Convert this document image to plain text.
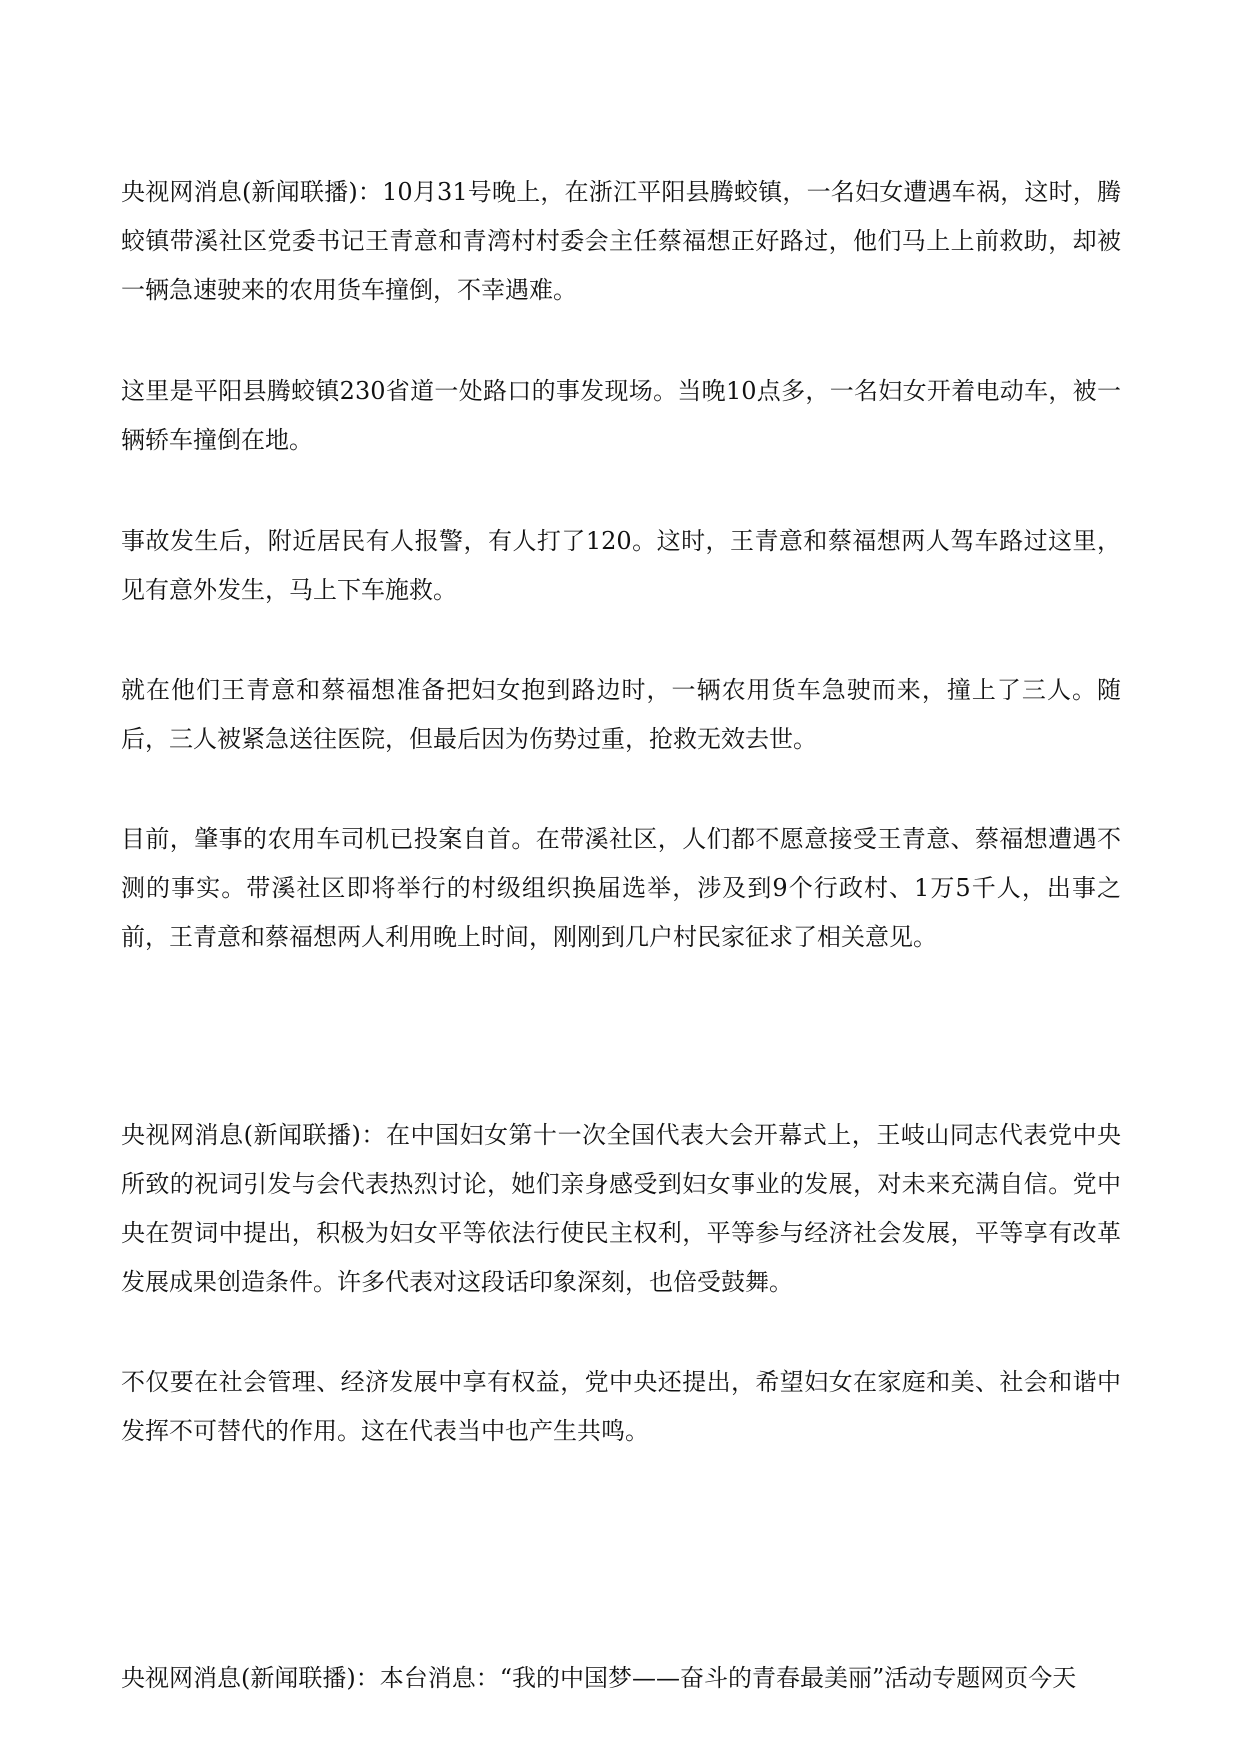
央视网消息(新闻联播)：10月31号晚上，在浙江平阳县腾蛟镇，一名妇女遭遇车祸，这时，腾蛟镇带溪社区党委书记王青意和青湾村村委会主任蔡福想正好路过，他们马上上前救助，却被一辆急速驶来的农用货车撞倒，不幸遇难。

这里是平阳县腾蛟镇230省道一处路口的事发现场。当晚10点多，一名妇女开着电动车，被一辆轿车撞倒在地。

事故发生后，附近居民有人报警，有人打了120。这时，王青意和蔡福想两人驾车路过这里，见有意外发生，马上下车施救。

就在他们王青意和蔡福想准备把妇女抱到路边时，一辆农用货车急驶而来，撞上了三人。随后，三人被紧急送往医院，但最后因为伤势过重，抢救无效去世。

目前，肇事的农用车司机已投案自首。在带溪社区，人们都不愿意接受王青意、蔡福想遭遇不测的事实。带溪社区即将举行的村级组织换届选举，涉及到9个行政村、1万5千人，出事之前，王青意和蔡福想两人利用晚上时间，刚刚到几户村民家征求了相关意见。

央视网消息(新闻联播)：在中国妇女第十一次全国代表大会开幕式上，王岐山同志代表党中央所致的祝词引发与会代表热烈讨论，她们亲身感受到妇女事业的发展，对未来充满自信。党中央在贺词中提出，积极为妇女平等依法行使民主权利，平等参与经济社会发展，平等享有改革发展成果创造条件。许多代表对这段话印象深刻，也倍受鼓舞。

不仅要在社会管理、经济发展中享有权益，党中央还提出，希望妇女在家庭和美、社会和谐中发挥不可替代的作用。这在代表当中也产生共鸣。

央视网消息(新闻联播)：本台消息：“我的中国梦——奋斗的青春最美丽”活动专题网页今天
